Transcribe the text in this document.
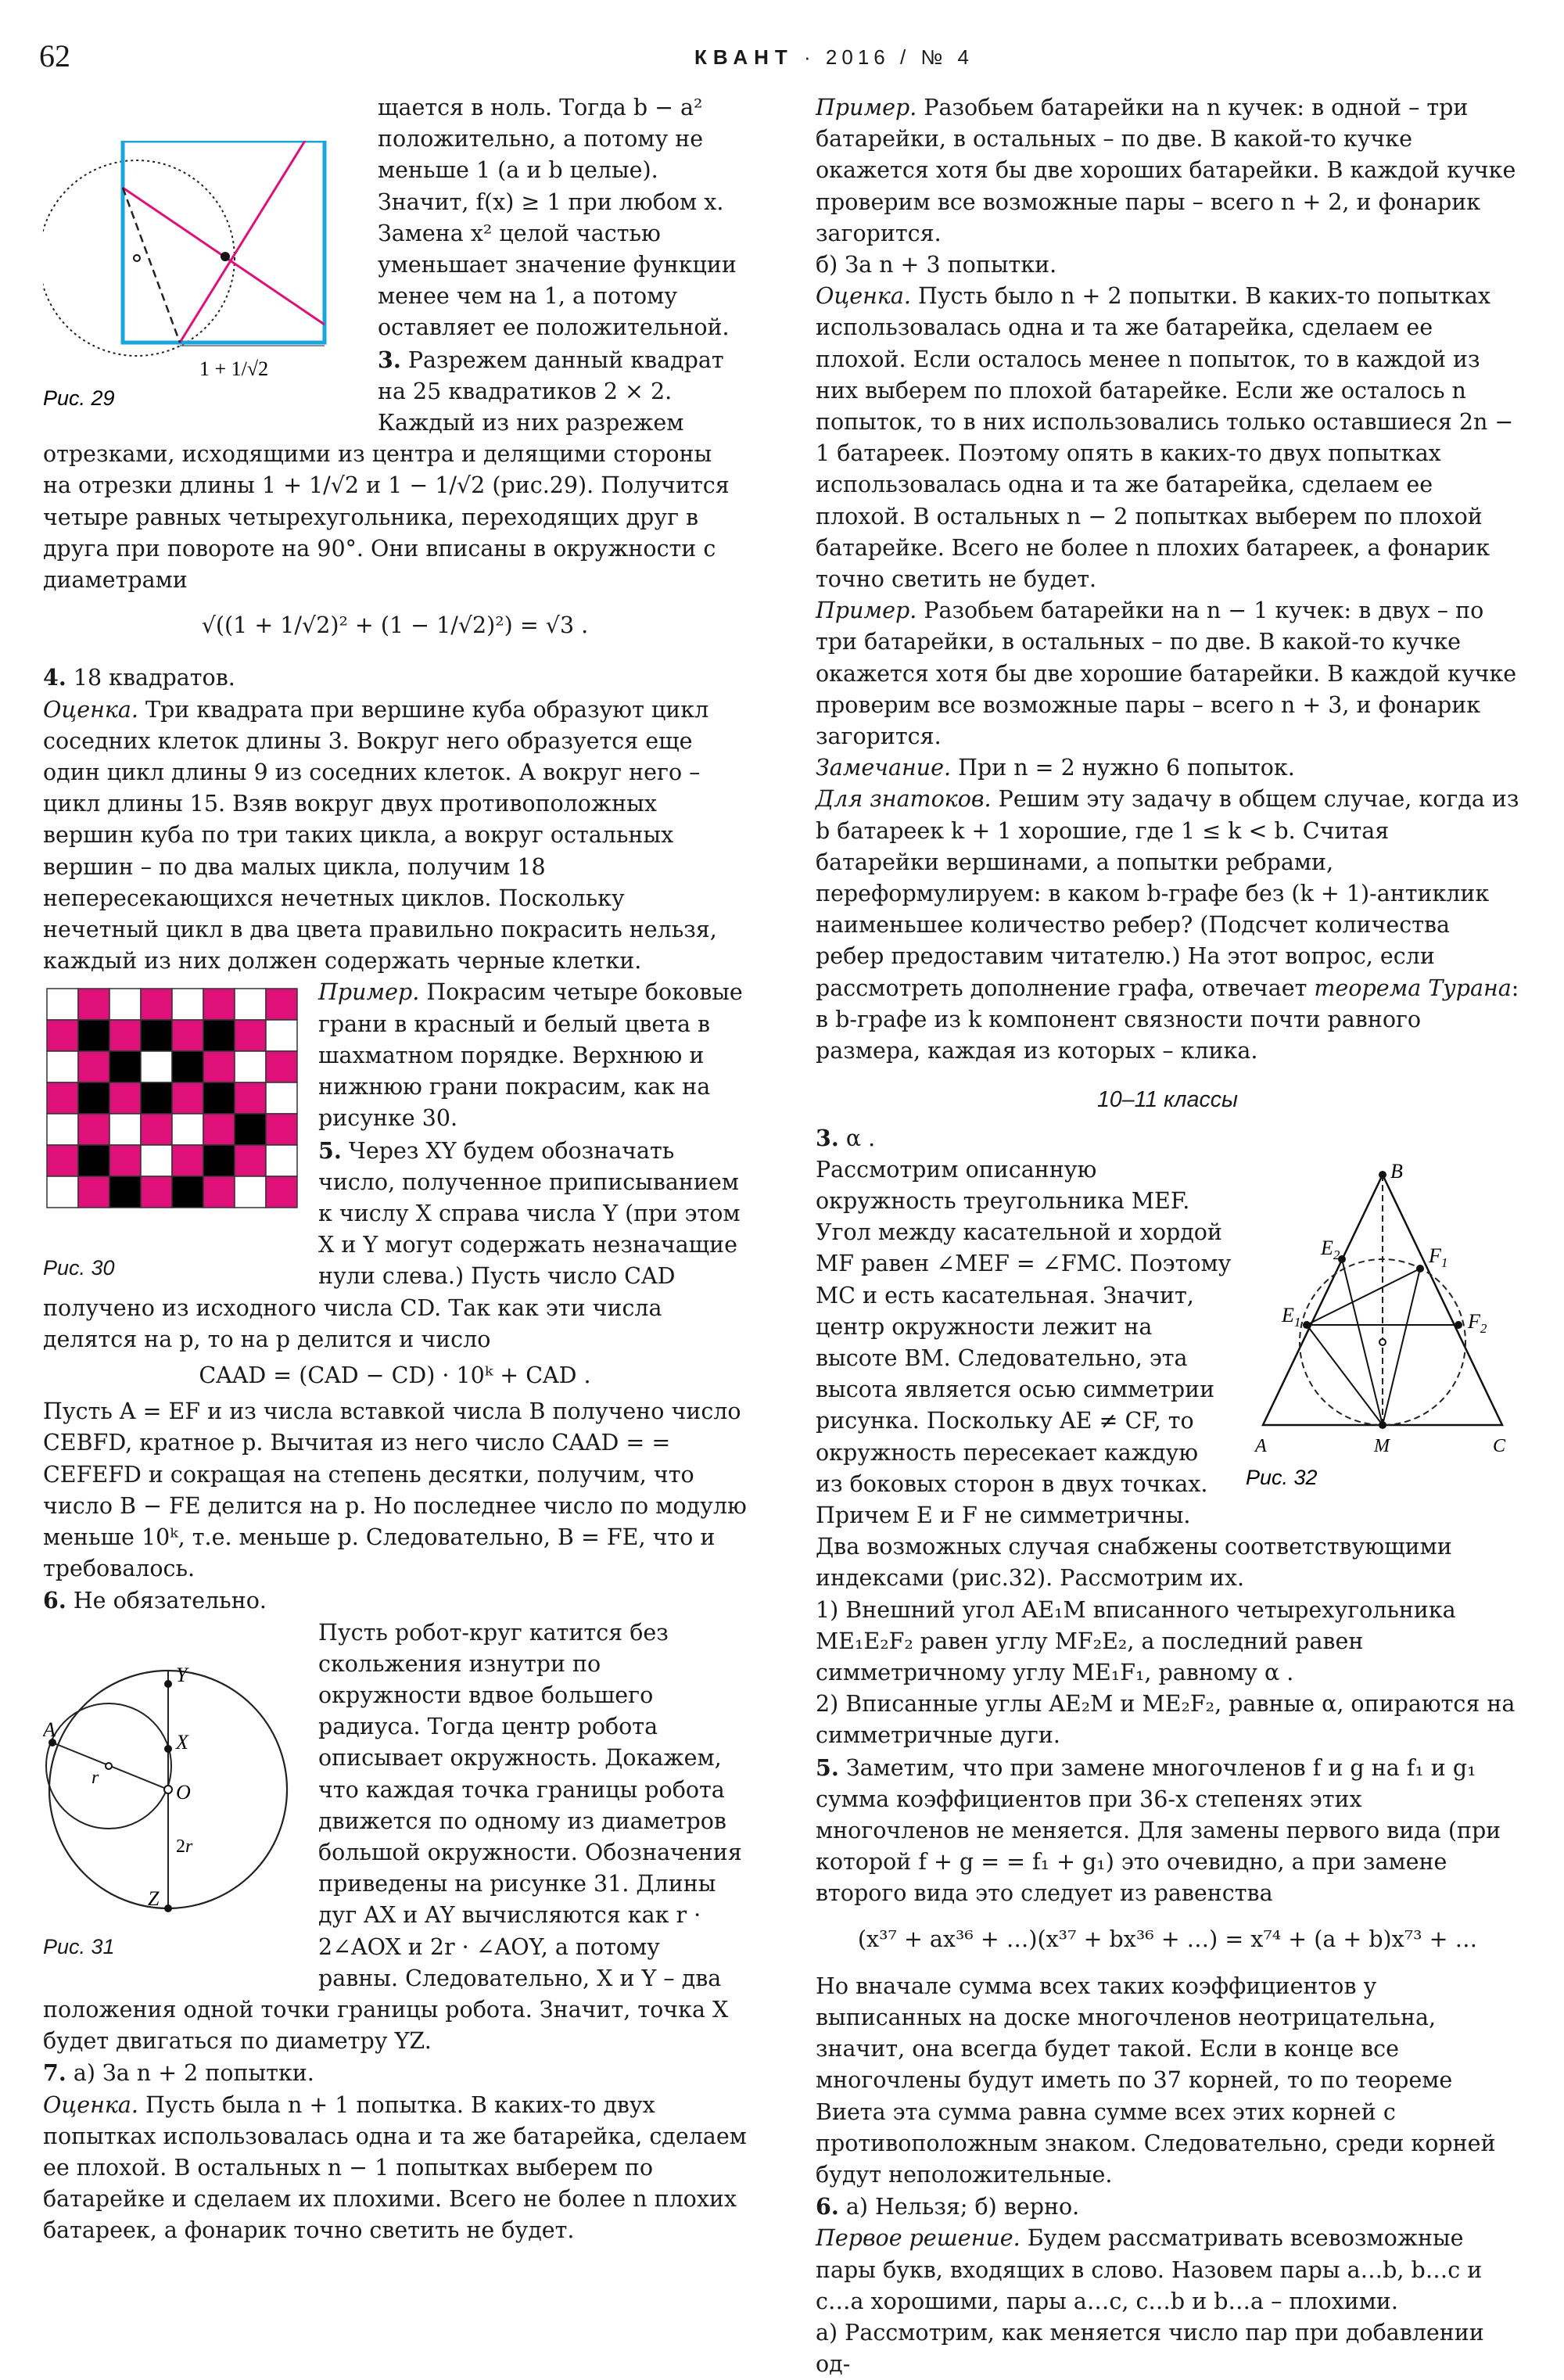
62	КВАНТ · 2016 / № 4

1 + 1/√2
Рис. 29
щается в ноль. Тогда b − a² положительно, а потому не меньше 1 (a и b целые). Значит, f(x) ≥ 1 при любом x. Замена x² целой частью уменьшает значение функции менее чем на 1, а потому оставляет ее положительной.

3. Разрежем данный квадрат на 25 квадратиков 2 × 2. Каждый из них разрежем отрезками, исходящими из центра и делящими стороны на отрезки длины 1 + 1/√2 и 1 − 1/√2 (рис.29). Получится четыре равных четырехугольника, переходящих друг в друга при повороте на 90°. Они вписаны в окружности с диаметрами

√((1 + 1/√2)² + (1 − 1/√2)²) = √3 .

4. 18 квадратов.
Оценка. Три квадрата при вершине куба образуют цикл соседних клеток длины 3. Вокруг него образуется еще один цикл длины 9 из соседних клеток. А вокруг него – цикл длины 15. Взяв вокруг двух противоположных вершин куба по три таких цикла, а вокруг остальных вершин – по два малых цикла, получим 18 непересекающихся нечетных циклов. Поскольку нечетный цикл в два цвета правильно покрасить нельзя, каждый из них должен содержать черные клетки.

Рис. 30
Пример. Покрасим четыре боковые грани в красный и белый цвета в шахматном порядке. Верхнюю и нижнюю грани покрасим, как на рисунке 30.
5. Через XY будем обозначать число, полученное приписыванием к числу X справа числа Y (при этом X и Y могут содержать незначащие нули слева.) Пусть число CAD получено из исходного числа CD. Так как эти числа делятся на p, то на p делится и число

CAAD = (CAD − CD) · 10ᵏ + CAD .

Пусть A = EF и из числа вставкой числа B получено число CEBFD, кратное p. Вычитая из него число CAAD = = CEFEFD и сокращая на степень десятки, получим, что число B − FE делится на p. Но последнее число по модулю меньше 10ᵏ, т.е. меньше p. Следовательно, B = FE, что и требовалось.

6. Не обязательно.

A
Y
X
O
Z
r
2r

Рис. 31
Пусть робот-круг катится без скольжения изнутри по окружности вдвое большего радиуса. Тогда центр робота описывает окружность. Докажем, что каждая точка границы робота движется по одному из диаметров большой окружности. Обозначения приведены на рисунке 31. Длины дуг AX и AY вычисляются как r · 2∠AOX и 2r · ∠AOY, а потому равны. Следовательно, X и Y – два положения одной точки границы робота. Значит, точка X будет двигаться по диаметру YZ.
7. а) За n + 2 попытки.

Оценка. Пусть была n + 1 попытка. В каких-то двух попытках использовалась одна и та же батарейка, сделаем ее плохой. В остальных n − 1 попытках выберем по батарейке и сделаем их плохими. Всего не более n плохих батареек, а фонарик точно светить не будет.

Пример. Разобьем батарейки на n кучек: в одной – три батарейки, в остальных – по две. В какой-то кучке окажется хотя бы две хороших батарейки. В каждой кучке проверим все возможные пары – всего n + 2, и фонарик загорится.

б) За n + 3 попытки.

Оценка. Пусть было n + 2 попытки. В каких-то попытках использовалась одна и та же батарейка, сделаем ее плохой. Если осталось менее n попыток, то в каждой из них выберем по плохой батарейке. Если же осталось n попыток, то в них использовались только оставшиеся 2n − 1 батареек. Поэтому опять в каких-то двух попытках использовалась одна и та же батарейка, сделаем ее плохой. В остальных n − 2 попытках выберем по плохой батарейке. Всего не более n плохих батареек, а фонарик точно светить не будет.

Пример. Разобьем батарейки на n − 1 кучек: в двух – по три батарейки, в остальных – по две. В какой-то кучке окажется хотя бы две хорошие батарейки. В каждой кучке проверим все возможные пары – всего n + 3, и фонарик загорится.

Замечание. При n = 2 нужно 6 попыток.

Для знатоков. Решим эту задачу в общем случае, когда из b батареек k + 1 хорошие, где 1 ≤ k < b. Считая батарейки вершинами, а попытки ребрами, переформулируем: в каком b-графе без (k + 1)-антиклик наименьшее количество ребер? (Подсчет количества ребер предоставим читателю.) На этот вопрос, если рассмотреть дополнение графа, отвечает теорема Турана: в b-графе из k компонент связности почти равного размера, каждая из которых – клика.

10–11 классы

3. α .

B
$E_2$	$F_1$
$E_1$	$F_2$
A	M	C
Рис. 32
Рассмотрим описанную окружность треугольника MEF. Угол между касательной и хордой MF равен ∠MEF = ∠FMC. Поэтому MC и есть касательная. Значит, центр окружности лежит на высоте BM. Следовательно, эта высота является осью симметрии рисунка. Поскольку AE ≠ CF, то окружность пересекает каждую из боковых сторон в двух точках. Причем E и F не симметричны. Два возможных случая снабжены соответствующими индексами (рис.32). Рассмотрим их.
1) Внешний угол AE₁M вписанного четырехугольника ME₁E₂F₂ равен углу MF₂E₂, а последний равен симметричному углу ME₁F₁, равному α .
2) Вписанные углы AE₂M и ME₂F₂, равные α, опираются на симметричные дуги.

5. Заметим, что при замене многочленов f и g на f₁ и g₁ сумма коэффициентов при 36-х степенях этих многочленов не меняется. Для замены первого вида (при которой f + g = = f₁ + g₁) это очевидно, а при замене второго вида это следует из равенства

(x³⁷ + ax³⁶ + …)(x³⁷ + bx³⁶ + …) = x⁷⁴ + (a + b)x⁷³ + …

Но вначале сумма всех таких коэффициентов у выписанных на доске многочленов неотрицательна, значит, она всегда будет такой. Если в конце все многочлены будут иметь по 37 корней, то по теореме Виета эта сумма равна сумме всех этих корней с противоположным знаком. Следовательно, среди корней будут неположительные.

6. а) Нельзя; б) верно.
Первое решение. Будем рассматривать всевозможные пары букв, входящих в слово. Назовем пары a…b, b…c и c…a хорошими, пары a…c, c…b и b…a – плохими.
а) Рассмотрим, как меняется число пар при добавлении од-
